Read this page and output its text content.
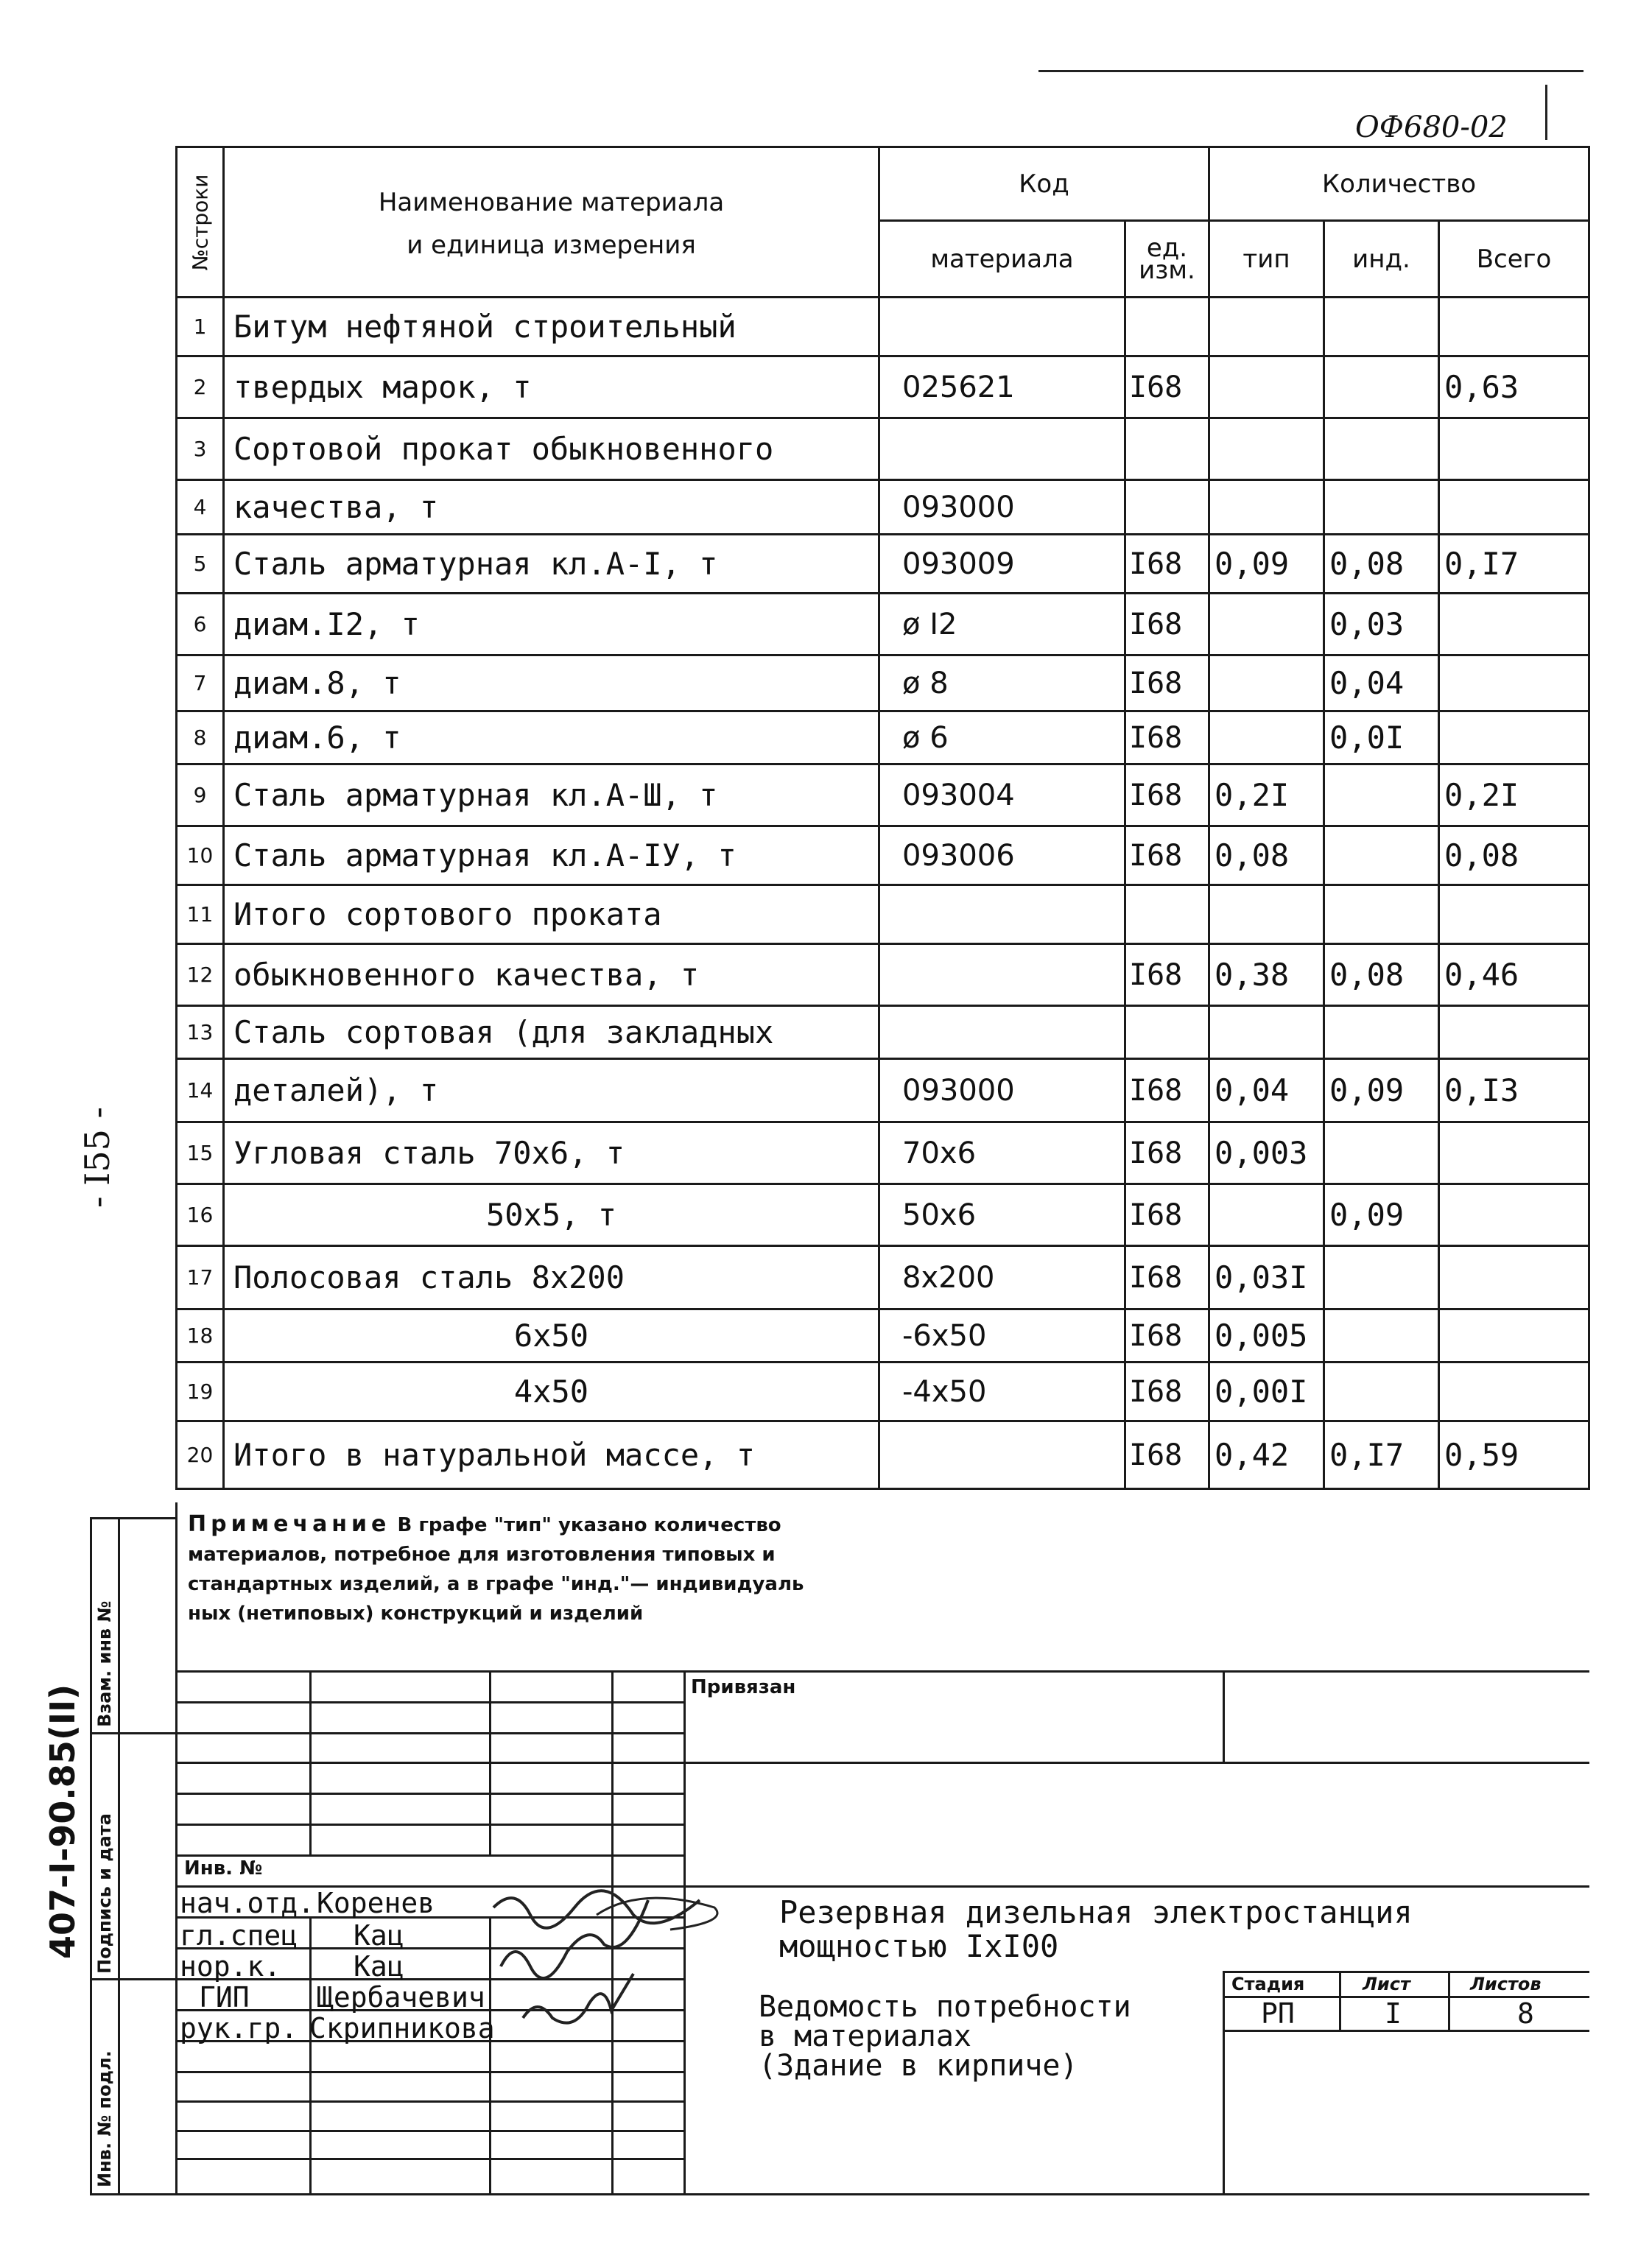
ОФ680-02
№строки	Наименование материала
и единица измерения	Код		Количество		
		материала	ед. изм.	тип	инд.	Всего
1	Битум нефтяной строительный					
2	твердых марок, т	025621	I68			0,63
3	Сортовой прокат обыкновенного					
4	качества, т	093000				
5	Сталь арматурная кл.А-I, т	093009	I68	0,09	0,08	0,I7
6	диам.I2, т	ø I2	I68		0,03	
7	диам.8, т	ø 8	I68		0,04	
8	диам.6, т	ø 6	I68		0,0I	
9	Сталь арматурная кл.А-Ш, т	093004	I68	0,2I		0,2I
10	Сталь арматурная кл.А-IУ, т	093006	I68	0,08		0,08
11	Итого сортового проката					
12	обыкновенного качества, т		I68	0,38	0,08	0,46
13	Сталь сортовая (для закладных					
14	деталей), т	093000	I68	0,04	0,09	0,I3
15	Угловая сталь 70х6, т	70х6	I68	0,003		
16	50х5, т	50х6	I68		0,09	
17	Полосовая сталь 8х200	8х200	I68	0,03I		
18	6х50	-6х50	I68	0,005		
19	4х50	-4х50	I68	0,00I		
20	Итого в натуральной массе, т		I68	0,42	0,I7	0,59
Примечание В графе "тип" указано количество
материалов, потребное для изготовления типовых и
стандартных изделий, а в графе "инд."— индивидуаль
ных (нетиповых) конструкций и изделий
Привязан
Инв. №
нач.отд. Коренев
гл.спец Кац
нор.к.	Кац
ГИП Щербачевич
рук.гр. Скрипникова
Резервная дизельная электростанция
мощностью IхI00
Ведомость потребности
в материалах
(Здание в кирпиче)
Стадия	Лист	Листов
РП	I	8
Взам. инв №
Подпись и дата
Инв. № подл.
407-I-90.85(II)
- I55 -
